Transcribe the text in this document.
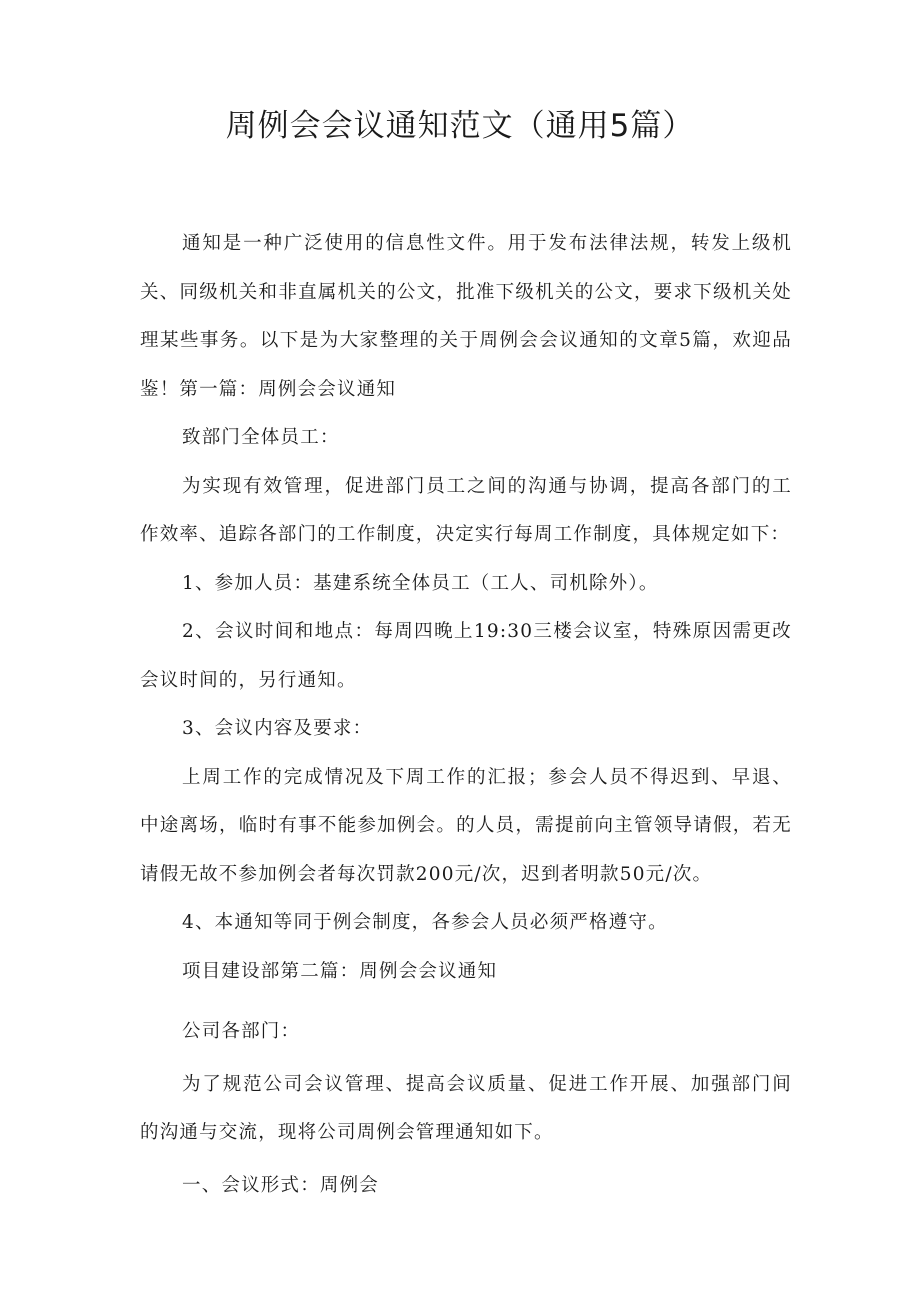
周例会会议通知范文（通用5篇）

通知是一种广泛使用的信息性文件。用于发布法律法规，转发上级机关、同级机关和非直属机关的公文，批准下级机关的公文，要求下级机关处理某些事务。以下是为大家整理的关于周例会会议通知的文章5篇，欢迎品鉴！第一篇：周例会会议通知

致部门全体员工：

为实现有效管理，促进部门员工之间的沟通与协调，提高各部门的工作效率、追踪各部门的工作制度，决定实行每周工作制度，具体规定如下：

1、参加人员：基建系统全体员工（工人、司机除外）。

2、会议时间和地点：每周四晚上19:30三楼会议室，特殊原因需更改会议时间的，另行通知。

3、会议内容及要求：

上周工作的完成情况及下周工作的汇报；参会人员不得迟到、早退、中途离场，临时有事不能参加例会。的人员，需提前向主管领导请假，若无请假无故不参加例会者每次罚款200元/次，迟到者明款50元/次。

4、本通知等同于例会制度，各参会人员必须严格遵守。

项目建设部第二篇：周例会会议通知

公司各部门：

为了规范公司会议管理、提高会议质量、促进工作开展、加强部门间的沟通与交流，现将公司周例会管理通知如下。

一、会议形式：周例会
